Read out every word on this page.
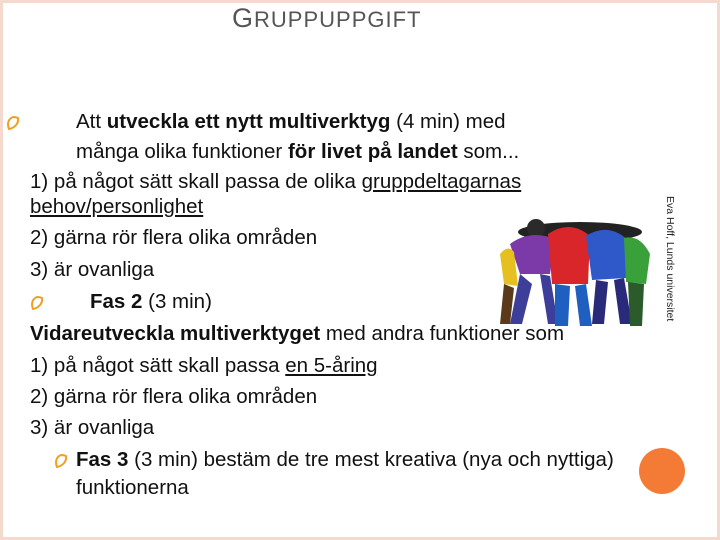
GRUPPUPPGIFT
Eva Hoff, Lunds universitet
Att utveckla ett nytt multiverktyg (4 min) med
många olika funktioner för livet på landet som...
1) på något sätt skall passa de olika gruppdeltagarnas
behov/personlighet
2) gärna rör flera olika områden
3) är ovanliga
Fas 2 (3 min)
Vidareutveckla multiverktyget med andra funktioner som
1) på något sätt skall passa en 5-åring
2) gärna rör flera olika områden
3) är ovanliga
Fas 3 (3 min) bestäm de tre mest kreativa (nya och nyttiga)
funktionerna
